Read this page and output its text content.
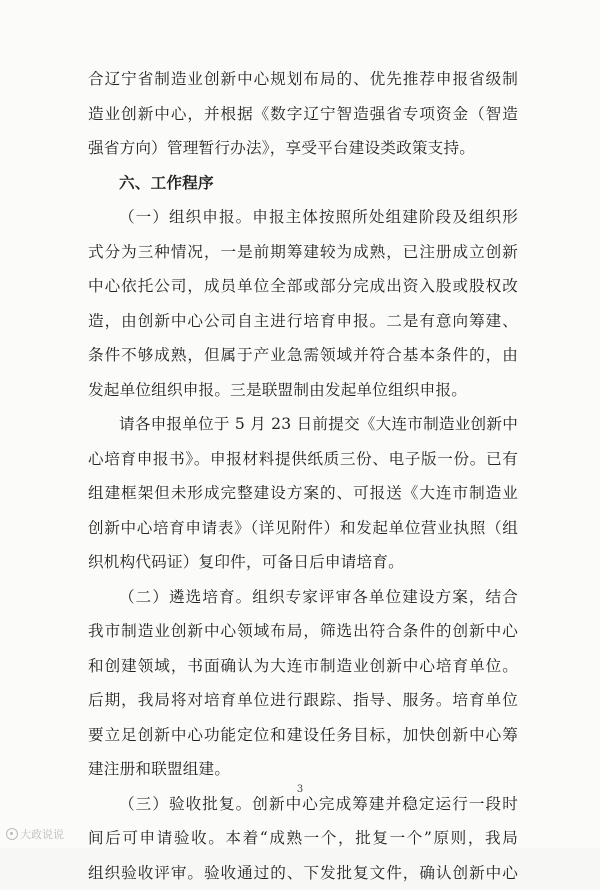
合辽宁省制造业创新中心规划布局的、优先推荐申报省级制
造业创新中心，并根据《数字辽宁智造强省专项资金（智造
强省方向）管理暂行办法》，享受平台建设类政策支持。
六、工作程序
（一）组织申报。申报主体按照所处组建阶段及组织形
式分为三种情况，一是前期筹建较为成熟，已注册成立创新
中心依托公司，成员单位全部或部分完成出资入股或股权改
造，由创新中心公司自主进行培育申报。二是有意向筹建、
条件不够成熟，但属于产业急需领域并符合基本条件的，由
发起单位组织申报。三是联盟制由发起单位组织申报。
请各申报单位于 5 月 23 日前提交《大连市制造业创新中
心培育申报书》。申报材料提供纸质三份、电子版一份。已有
组建框架但未形成完整建设方案的、可报送《大连市制造业
创新中心培育申请表》（详见附件）和发起单位营业执照（组
织机构代码证）复印件，可备日后申请培育。
（二）遴选培育。组织专家评审各单位建设方案，结合
我市制造业创新中心领域布局，筛选出符合条件的创新中心
和创建领域，书面确认为大连市制造业创新中心培育单位。
后期，我局将对培育单位进行跟踪、指导、服务。培育单位
要立足创新中心功能定位和建设任务目标，加快创新中心筹
建注册和联盟组建。
（三）验收批复。创新中心完成筹建并稳定运行一段时
间后可申请验收。本着“成熟一个，批复一个”原则，我局
组织验收评审。验收通过的、下发批复文件，确认创新中心
3
大政说说
